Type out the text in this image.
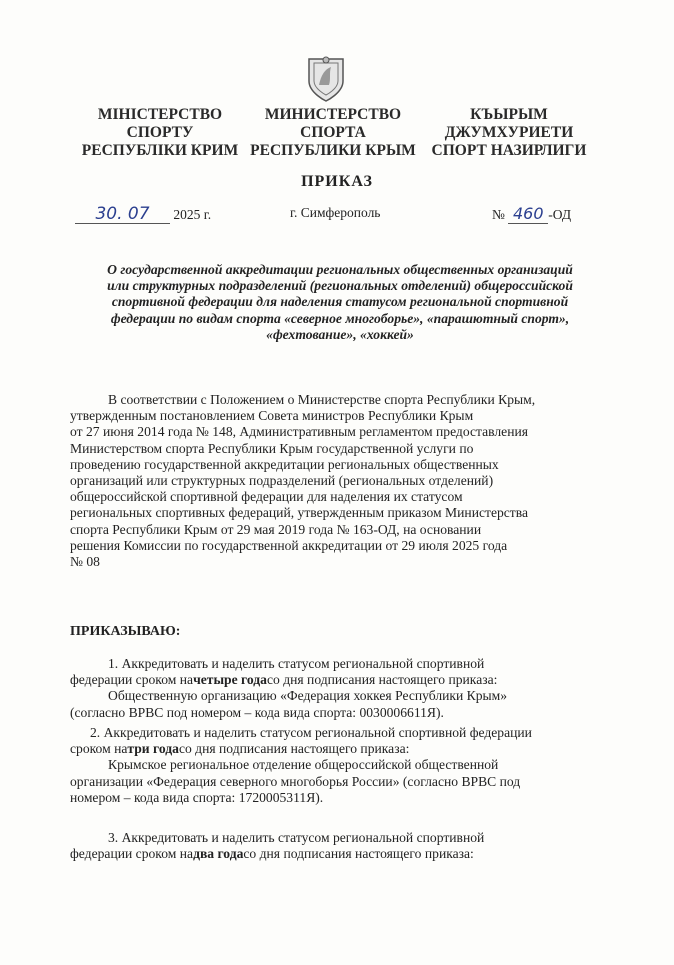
МІНІСТЕРСТВО
СПОРТУ
РЕСПУБЛІКИ КРИМ
МИНИСТЕРСТВО
СПОРТА
РЕСПУБЛИКИ КРЫМ
КЪЫРЫМ
ДЖУМХУРИЕТИ
СПОРТ НАЗИРЛИГИ
ПРИКАЗ
30. 07 2025 г.	г. Симферополь	№ 460 -ОД
О государственной аккредитации региональных общественных организаций
или структурных подразделений (региональных отделений) общероссийской
спортивной федерации для наделения статусом региональной спортивной
федерации по видам спорта «северное многоборье», «парашютный спорт»,
«фехтование», «хоккей»
В соответствии с Положением о Министерстве спорта Республики Крым,
утвержденным постановлением Совета министров Республики Крым
от 27 июня 2014 года № 148, Административным регламентом предоставления
Министерством спорта Республики Крым государственной услуги по
проведению государственной аккредитации региональных общественных
организаций или структурных подразделений (региональных отделений)
общероссийской спортивной федерации для наделения их статусом
региональных спортивных федераций, утвержденным приказом Министерства
спорта Республики Крым от 29 мая 2019 года № 163-ОД, на основании
решения Комиссии по государственной аккредитации от 29 июля 2025 года
№ 08
ПРИКАЗЫВАЮ:
1. Аккредитовать и наделить статусом региональной спортивной
федерации сроком на четыре года со дня подписания настоящего приказа:
Общественную организацию «Федерация хоккея Республики Крым»
(согласно ВРВС под номером – кода вида спорта: 0030006611Я).
2. Аккредитовать и наделить статусом региональной спортивной федерации
сроком на три года со дня подписания настоящего приказа:
Крымское региональное отделение общероссийской общественной
организации «Федерация северного многоборья России» (согласно ВРВС под
номером – кода вида спорта: 1720005311Я).
3. Аккредитовать и наделить статусом региональной спортивной
федерации сроком на два года со дня подписания настоящего приказа:
